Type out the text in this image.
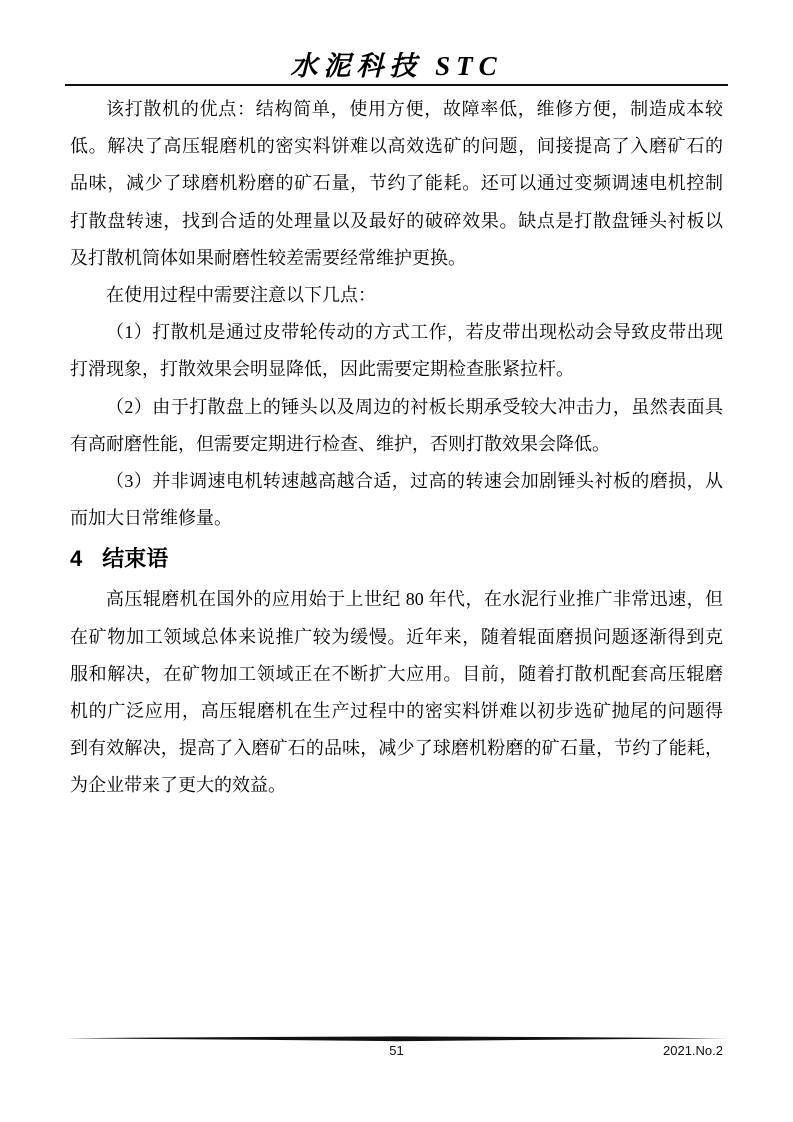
水泥科技 STC
该打散机的优点：结构简单，使用方便，故障率低，维修方便，制造成本较
低。解决了高压辊磨机的密实料饼难以高效选矿的问题，间接提高了入磨矿石的
品味，减少了球磨机粉磨的矿石量，节约了能耗。还可以通过变频调速电机控制
打散盘转速，找到合适的处理量以及最好的破碎效果。缺点是打散盘锤头衬板以
及打散机筒体如果耐磨性较差需要经常维护更换。
在使用过程中需要注意以下几点：
（1）打散机是通过皮带轮传动的方式工作，若皮带出现松动会导致皮带出现
打滑现象，打散效果会明显降低，因此需要定期检查胀紧拉杆。
（2）由于打散盘上的锤头以及周边的衬板长期承受较大冲击力，虽然表面具
有高耐磨性能，但需要定期进行检查、维护，否则打散效果会降低。
（3）并非调速电机转速越高越合适，过高的转速会加剧锤头衬板的磨损，从
而加大日常维修量。
4 结束语
高压辊磨机在国外的应用始于上世纪 80 年代，在水泥行业推广非常迅速，但
在矿物加工领域总体来说推广较为缓慢。近年来，随着辊面磨损问题逐渐得到克
服和解决，在矿物加工领域正在不断扩大应用。目前，随着打散机配套高压辊磨
机的广泛应用，高压辊磨机在生产过程中的密实料饼难以初步选矿抛尾的问题得
到有效解决，提高了入磨矿石的品味，减少了球磨机粉磨的矿石量，节约了能耗，
为企业带来了更大的效益。
51	2021.No.2
